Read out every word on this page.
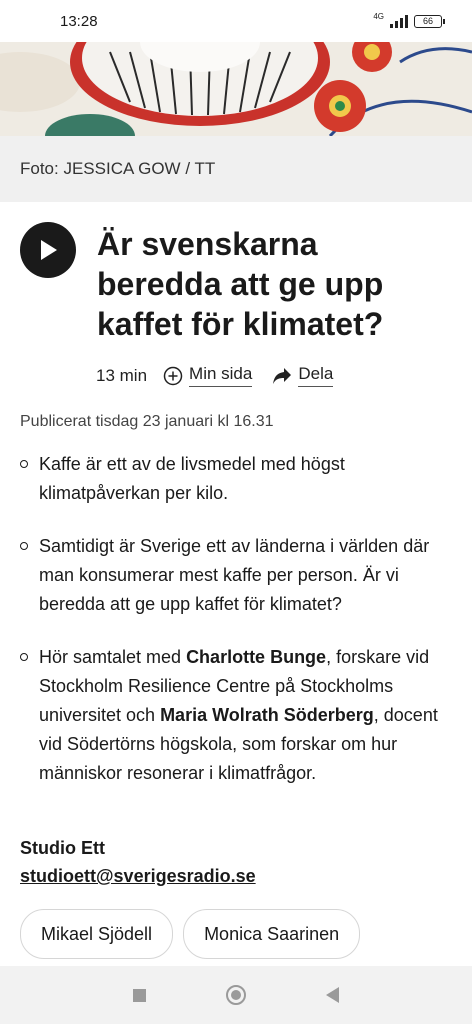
13:28	4G	66
Foto: JESSICA GOW / TT
Är svenskarna beredda att ge upp kaffet för klimatet?
13 min Min sida	Dela
Publicerat tisdag 23 januari kl 16.31
Kaffe är ett av de livsmedel med högst klimatpåverkan per kilo.
Samtidigt är Sverige ett av länderna i världen där man konsumerar mest kaffe per person. Är vi beredda att ge upp kaffet för klimatet?
Hör samtalet med Charlotte Bunge, forskare vid Stockholm Resilience Centre på Stockholms universitet och Maria Wolrath Söderberg, docent vid Södertörns högskola, som forskar om hur människor resonerar i klimatfrågor.
Studio Ett
studioett@sverigesradio.se
Mikael Sjödell	Monica Saarinen
